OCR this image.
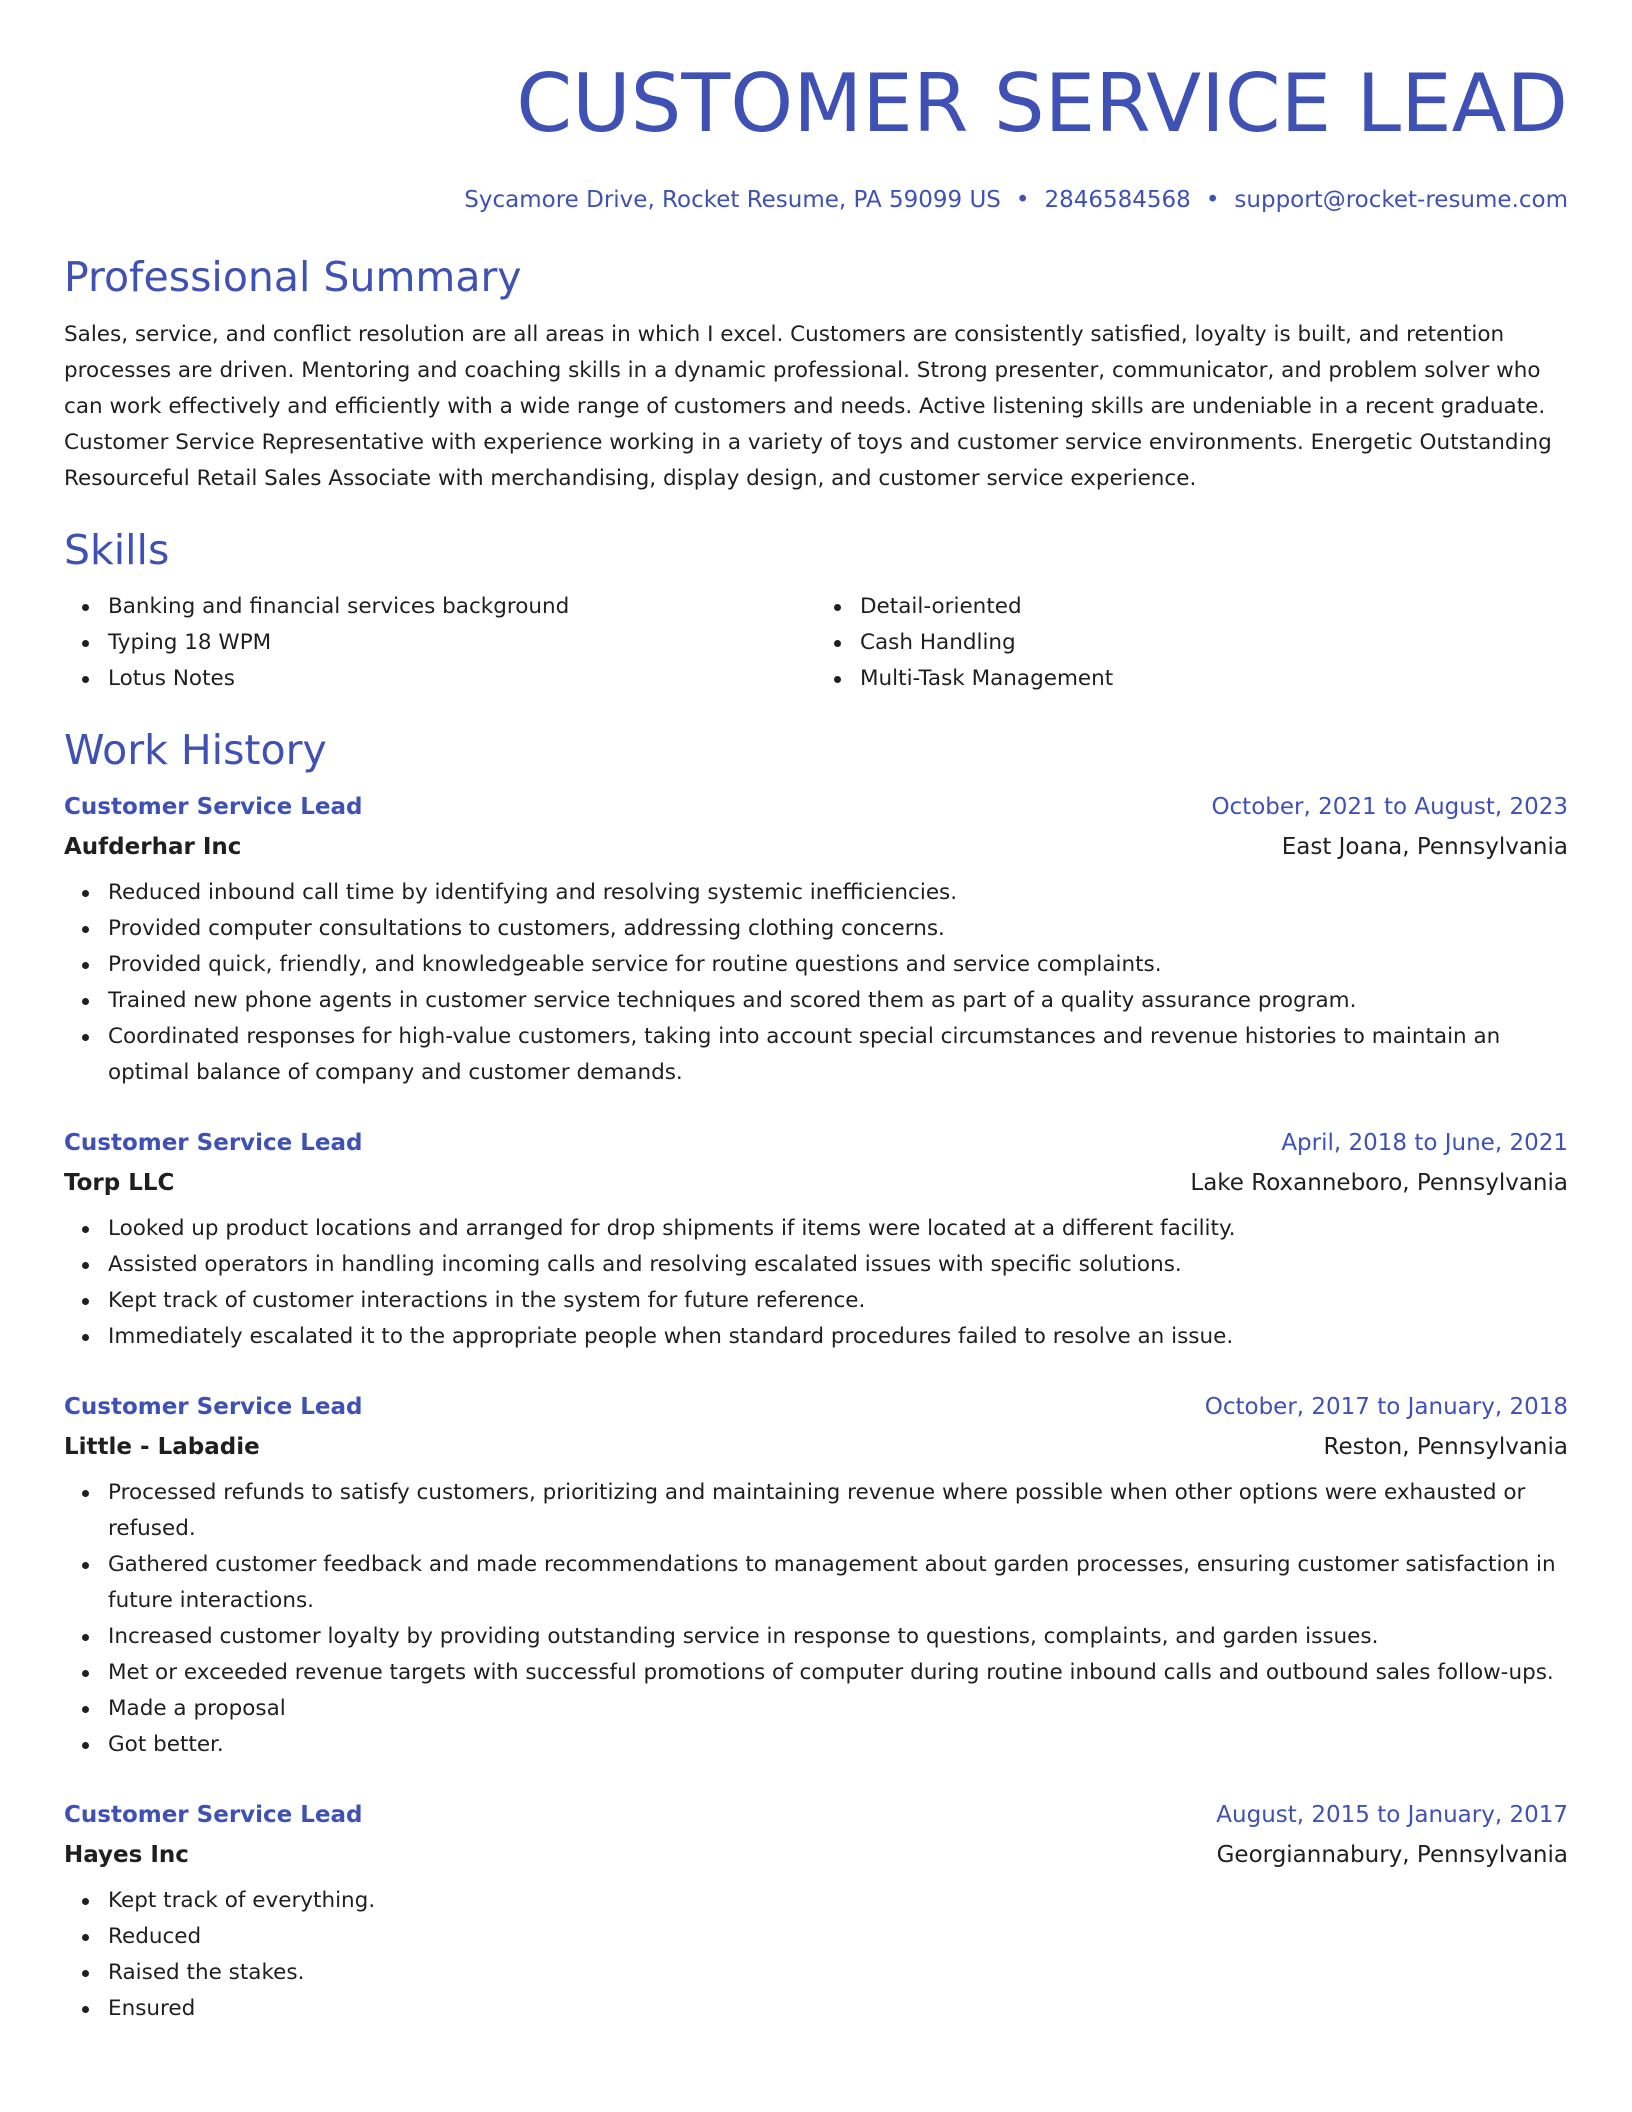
CUSTOMER SERVICE LEAD
Sycamore Drive, Rocket Resume, PA 59099 US • 2846584568 • support@rocket-resume.com
Professional Summary

Sales, service, and conflict resolution are all areas in which I excel. Customers are consistently satisfied, loyalty is built, and retention processes are driven. Mentoring and coaching skills in a dynamic professional. Strong presenter, communicator, and problem solver who can work effectively and efficiently with a wide range of customers and needs. Active listening skills are undeniable in a recent graduate. Customer Service Representative with experience working in a variety of toys and customer service environments. Energetic Outstanding Resourceful Retail Sales Associate with merchandising, display design, and customer service experience.

Skills
Banking and financial services background
Typing 18 WPM
Lotus Notes
Detail-oriented
Cash Handling
Multi-Task Management
Work History
Customer Service Lead	October, 2021 to August, 2023
Aufderhar Inc	East Joana, Pennsylvania
Reduced inbound call time by identifying and resolving systemic inefficiencies.
Provided computer consultations to customers, addressing clothing concerns.
Provided quick, friendly, and knowledgeable service for routine questions and service complaints.
Trained new phone agents in customer service techniques and scored them as part of a quality assurance program.
Coordinated responses for high-value customers, taking into account special circumstances and revenue histories to maintain an optimal balance of company and customer demands.
Customer Service Lead	April, 2018 to June, 2021
Torp LLC	Lake Roxanneboro, Pennsylvania
Looked up product locations and arranged for drop shipments if items were located at a different facility.
Assisted operators in handling incoming calls and resolving escalated issues with specific solutions.
Kept track of customer interactions in the system for future reference.
Immediately escalated it to the appropriate people when standard procedures failed to resolve an issue.
Customer Service Lead	October, 2017 to January, 2018
Little - Labadie	Reston, Pennsylvania
Processed refunds to satisfy customers, prioritizing and maintaining revenue where possible when other options were exhausted or refused.
Gathered customer feedback and made recommendations to management about garden processes, ensuring customer satisfaction in future interactions.
Increased customer loyalty by providing outstanding service in response to questions, complaints, and garden issues.
Met or exceeded revenue targets with successful promotions of computer during routine inbound calls and outbound sales follow-ups.
Made a proposal
Got better.
Customer Service Lead	August, 2015 to January, 2017
Hayes Inc	Georgiannabury, Pennsylvania
Kept track of everything.
Reduced
Raised the stakes.
Ensured
